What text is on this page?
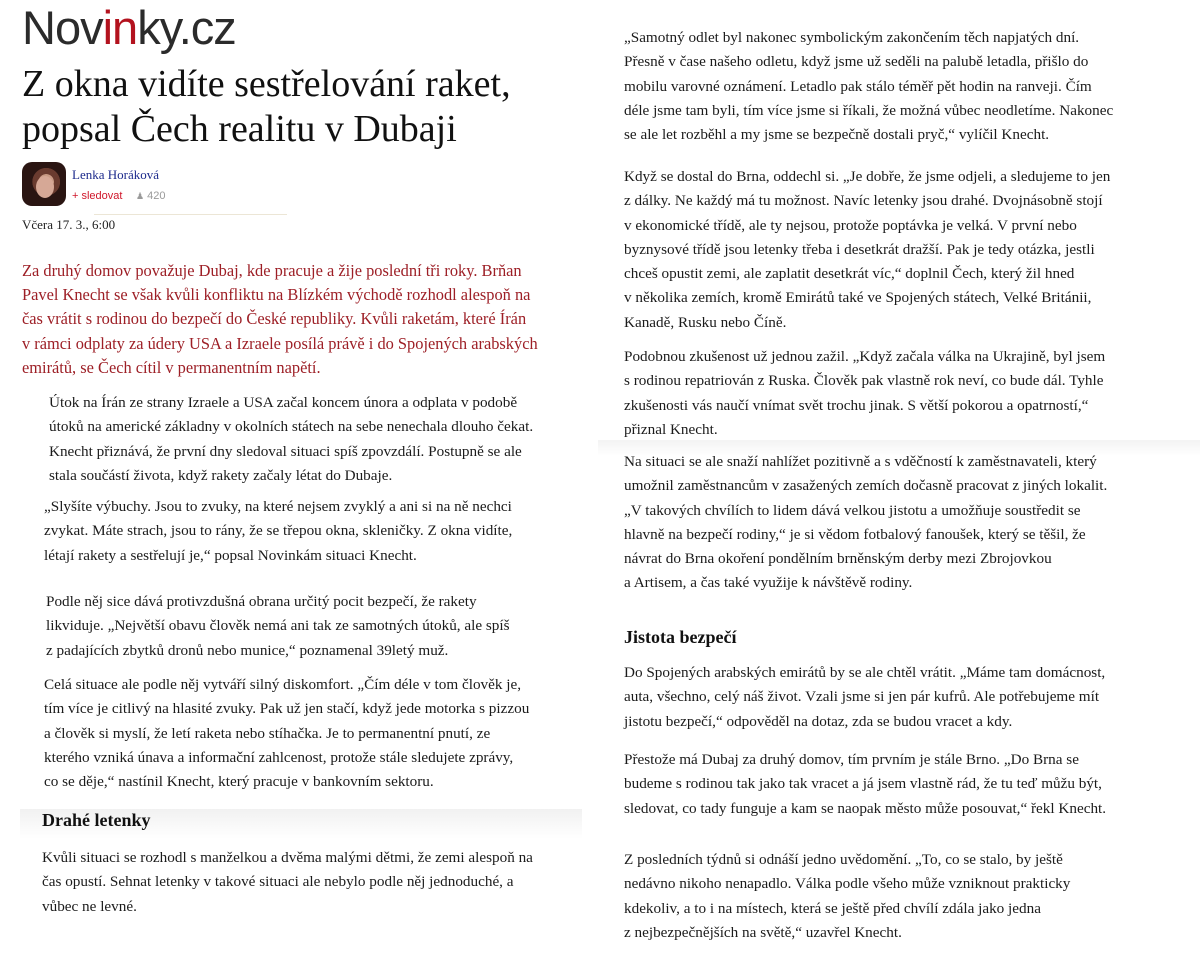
Novinky.cz
Z okna vidíte sestřelování raket,
popsal Čech realitu v Dubaji
Lenka Horáková
+ sledovat ♟ 420
Včera 17. 3., 6:00

Za druhý domov považuje Dubaj, kde pracuje a žije poslední tři roky. Brňan

Pavel Knecht se však kvůli konfliktu na Blízkém východě rozhodl alespoň na

čas vrátit s rodinou do bezpečí do České republiky. Kvůli raketám, které Írán

v rámci odplaty za údery USA a Izraele posílá právě i do Spojených arabských

emirátů, se Čech cítil v permanentním napětí.

Útok na Írán ze strany Izraele a USA začal koncem února a odplata v podobě

útoků na americké základny v okolních státech na sebe nenechala dlouho čekat.

Knecht přiznává, že první dny sledoval situaci spíš zpovzdálí. Postupně se ale

stala součástí života, když rakety začaly létat do Dubaje.

„Slyšíte výbuchy. Jsou to zvuky, na které nejsem zvyklý a ani si na ně nechci

zvykat. Máte strach, jsou to rány, že se třepou okna, skleničky. Z okna vidíte,

létají rakety a sestřelují je,“ popsal Novinkám situaci Knecht.

Podle něj sice dává protivzdušná obrana určitý pocit bezpečí, že rakety

likviduje. „Největší obavu člověk nemá ani tak ze samotných útoků, ale spíš

z padajících zbytků dronů nebo munice,“ poznamenal 39letý muž.

Celá situace ale podle něj vytváří silný diskomfort. „Čím déle v tom člověk je,

tím více je citlivý na hlasité zvuky. Pak už jen stačí, když jede motorka s pizzou

a člověk si myslí, že letí raketa nebo stíhačka. Je to permanentní pnutí, ze

kterého vzniká únava a informační zahlcenost, protože stále sledujete zprávy,

co se děje,“ nastínil Knecht, který pracuje v bankovním sektoru.

Drahé letenky

Kvůli situaci se rozhodl s manželkou a dvěma malými dětmi, že zemi alespoň na

čas opustí. Sehnat letenky v takové situaci ale nebylo podle něj jednoduché, a

vůbec ne levné.

„Samotný odlet byl nakonec symbolickým zakončením těch napjatých dní.

Přesně v čase našeho odletu, když jsme už seděli na palubě letadla, přišlo do

mobilu varovné oznámení. Letadlo pak stálo téměř pět hodin na ranveji. Čím

déle jsme tam byli, tím více jsme si říkali, že možná vůbec neodletíme. Nakonec

se ale let rozběhl a my jsme se bezpečně dostali pryč,“ vylíčil Knecht.

Když se dostal do Brna, oddechl si. „Je dobře, že jsme odjeli, a sledujeme to jen

z dálky. Ne každý má tu možnost. Navíc letenky jsou drahé. Dvojnásobně stojí

v ekonomické třídě, ale ty nejsou, protože poptávka je velká. V první nebo

byznysové třídě jsou letenky třeba i desetkrát dražší. Pak je tedy otázka, jestli

chceš opustit zemi, ale zaplatit desetkrát víc,“ doplnil Čech, který žil hned

v několika zemích, kromě Emirátů také ve Spojených státech, Velké Británii,

Kanadě, Rusku nebo Číně.

Podobnou zkušenost už jednou zažil. „Když začala válka na Ukrajině, byl jsem

s rodinou repatriován z Ruska. Člověk pak vlastně rok neví, co bude dál. Tyhle

zkušenosti vás naučí vnímat svět trochu jinak. S větší pokorou a opatrností,“

přiznal Knecht.

Na situaci se ale snaží nahlížet pozitivně a s vděčností k zaměstnavateli, který

umožnil zaměstnancům v zasažených zemích dočasně pracovat z jiných lokalit.

„V takových chvílích to lidem dává velkou jistotu a umožňuje soustředit se

hlavně na bezpečí rodiny,“ je si vědom fotbalový fanoušek, který se těšil, že

návrat do Brna okoření pondělním brněnským derby mezi Zbrojovkou

a Artisem, a čas také využije k návštěvě rodiny.

Jistota bezpečí

Do Spojených arabských emirátů by se ale chtěl vrátit. „Máme tam domácnost,

auta, všechno, celý náš život. Vzali jsme si jen pár kufrů. Ale potřebujeme mít

jistotu bezpečí,“ odpověděl na dotaz, zda se budou vracet a kdy.

Přestože má Dubaj za druhý domov, tím prvním je stále Brno. „Do Brna se

budeme s rodinou tak jako tak vracet a já jsem vlastně rád, že tu teď můžu být,

sledovat, co tady funguje a kam se naopak město může posouvat,“ řekl Knecht.

Z posledních týdnů si odnáší jedno uvědomění. „To, co se stalo, by ještě

nedávno nikoho nenapadlo. Válka podle všeho může vzniknout prakticky

kdekoliv, a to i na místech, která se ještě před chvílí zdála jako jedna

z nejbezpečnějších na světě,“ uzavřel Knecht.
